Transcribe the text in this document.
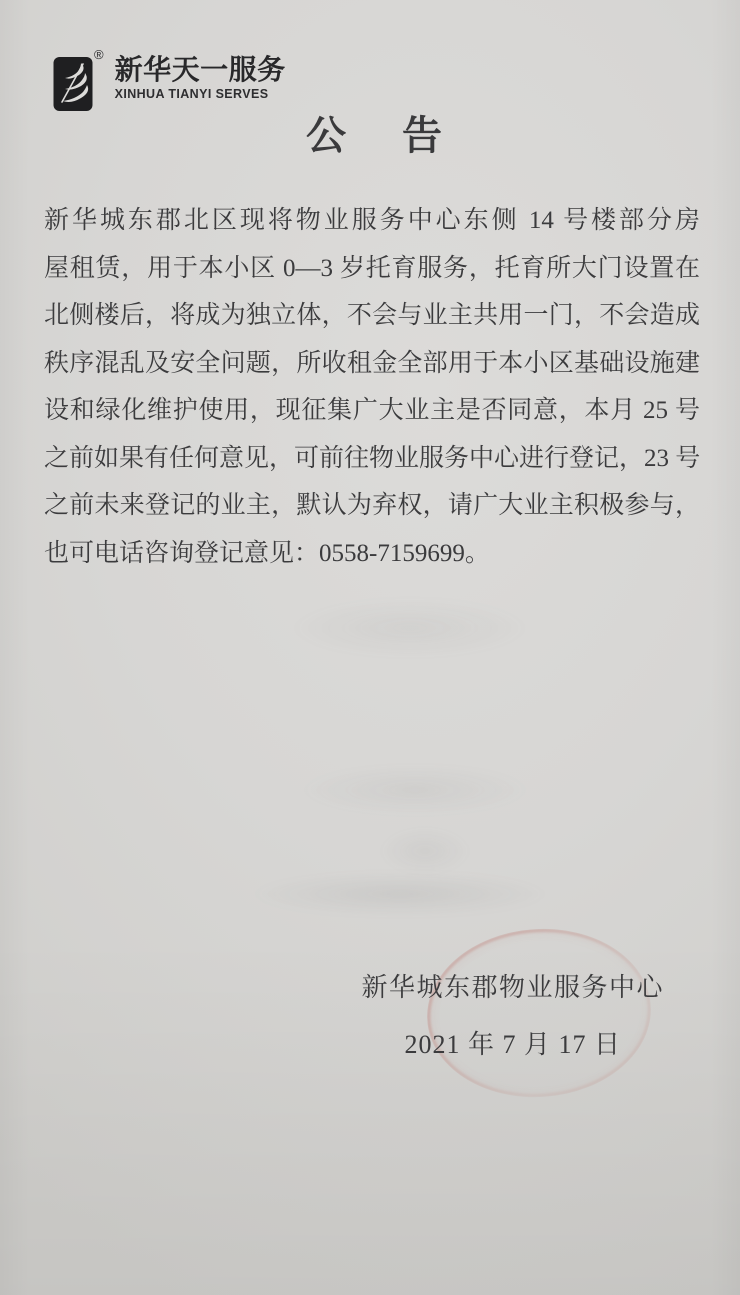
® 新华天一服务
XINHUA TIANYI SERVES
公　告
新华城东郡北区现将物业服务中心东侧 14 号楼部分房
屋租赁，用于本小区 0—3 岁托育服务，托育所大门设置在
北侧楼后，将成为独立体，不会与业主共用一门，不会造成
秩序混乱及安全问题，所收租金全部用于本小区基础设施建
设和绿化维护使用，现征集广大业主是否同意，本月 25 号
之前如果有任何意见，可前往物业服务中心进行登记，23 号
之前未来登记的业主，默认为弃权，请广大业主积极参与，
也可电话咨询登记意见：0558-7159699。
新华城东郡物业服务中心
2021 年 7 月 17 日
